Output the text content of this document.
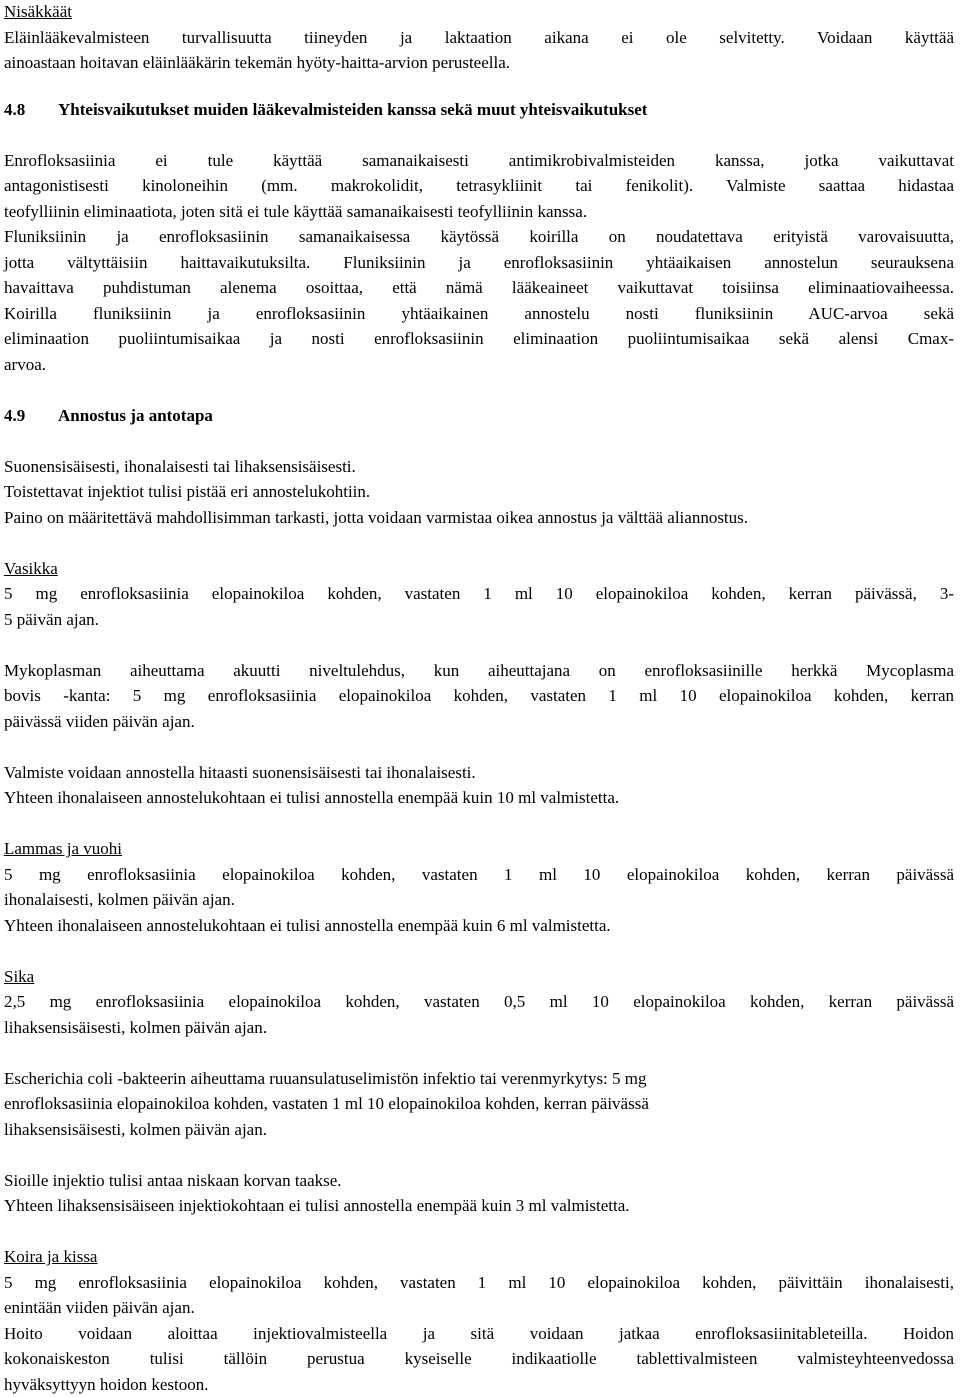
Nisäkkäät
Eläinlääkevalmisteen turvallisuutta tiineyden ja laktaation aikana ei ole selvitetty. Voidaan käyttää
ainoastaan hoitavan eläinlääkärin tekemän hyöty-haitta-arvion perusteella.
4.8 Yhteisvaikutukset muiden lääkevalmisteiden kanssa sekä muut yhteisvaikutukset
Enrofloksasiinia ei tule käyttää samanaikaisesti antimikrobivalmisteiden kanssa, jotka vaikuttavat
antagonistisesti kinoloneihin (mm. makrokolidit, tetrasykliinit tai fenikolit). Valmiste saattaa hidastaa
teofylliinin eliminaatiota, joten sitä ei tule käyttää samanaikaisesti teofylliinin kanssa.
Fluniksiinin ja enrofloksasiinin samanaikaisessa käytössä koirilla on noudatettava erityistä varovaisuutta,
jotta vältyttäisiin haittavaikutuksilta. Fluniksiinin ja enrofloksasiinin yhtäaikaisen annostelun seurauksena
havaittava puhdistuman alenema osoittaa, että nämä lääkeaineet vaikuttavat toisiinsa eliminaatiovaiheessa.
Koirilla fluniksiinin ja enrofloksasiinin yhtäaikainen annostelu nosti fluniksiinin AUC-arvoa sekä
eliminaation puoliintumisaikaa ja nosti enrofloksasiinin eliminaation puoliintumisaikaa sekä alensi Cmax-
arvoa.
4.9 Annostus ja antotapa
Suonensisäisesti, ihonalaisesti tai lihaksensisäisesti.
Toistettavat injektiot tulisi pistää eri annostelukohtiin.
Paino on määritettävä mahdollisimman tarkasti, jotta voidaan varmistaa oikea annostus ja välttää aliannostus.
Vasikka
5 mg enrofloksasiinia elopainokiloa kohden, vastaten 1 ml 10 elopainokiloa kohden, kerran päivässä, 3-
5 päivän ajan.
Mykoplasman aiheuttama akuutti niveltulehdus, kun aiheuttajana on enrofloksasiinille herkkä Mycoplasma
bovis -kanta: 5 mg enrofloksasiinia elopainokiloa kohden, vastaten 1 ml 10 elopainokiloa kohden, kerran
päivässä viiden päivän ajan.
Valmiste voidaan annostella hitaasti suonensisäisesti tai ihonalaisesti.
Yhteen ihonalaiseen annostelukohtaan ei tulisi annostella enempää kuin 10 ml valmistetta.
Lammas ja vuohi
5 mg enrofloksasiinia elopainokiloa kohden, vastaten 1 ml 10 elopainokiloa kohden, kerran päivässä
ihonalaisesti, kolmen päivän ajan.
Yhteen ihonalaiseen annostelukohtaan ei tulisi annostella enempää kuin 6 ml valmistetta.
Sika
2,5 mg enrofloksasiinia elopainokiloa kohden, vastaten 0,5 ml 10 elopainokiloa kohden, kerran päivässä
lihaksensisäisesti, kolmen päivän ajan.
Escherichia coli -bakteerin aiheuttama ruuansulatuselimistön infektio tai verenmyrkytys: 5 mg
enrofloksasiinia elopainokiloa kohden, vastaten 1 ml 10 elopainokiloa kohden, kerran päivässä
lihaksensisäisesti, kolmen päivän ajan.
Sioille injektio tulisi antaa niskaan korvan taakse.
Yhteen lihaksensisäiseen injektiokohtaan ei tulisi annostella enempää kuin 3 ml valmistetta.
Koira ja kissa
5 mg enrofloksasiinia elopainokiloa kohden, vastaten 1 ml 10 elopainokiloa kohden, päivittäin ihonalaisesti,
enintään viiden päivän ajan.
Hoito voidaan aloittaa injektiovalmisteella ja sitä voidaan jatkaa enrofloksasiinitableteilla. Hoidon
kokonaiskeston tulisi tällöin perustua kyseiselle indikaatiolle tablettivalmisteen valmisteyhteenvedossa
hyväksyttyyn hoidon kestoon.
